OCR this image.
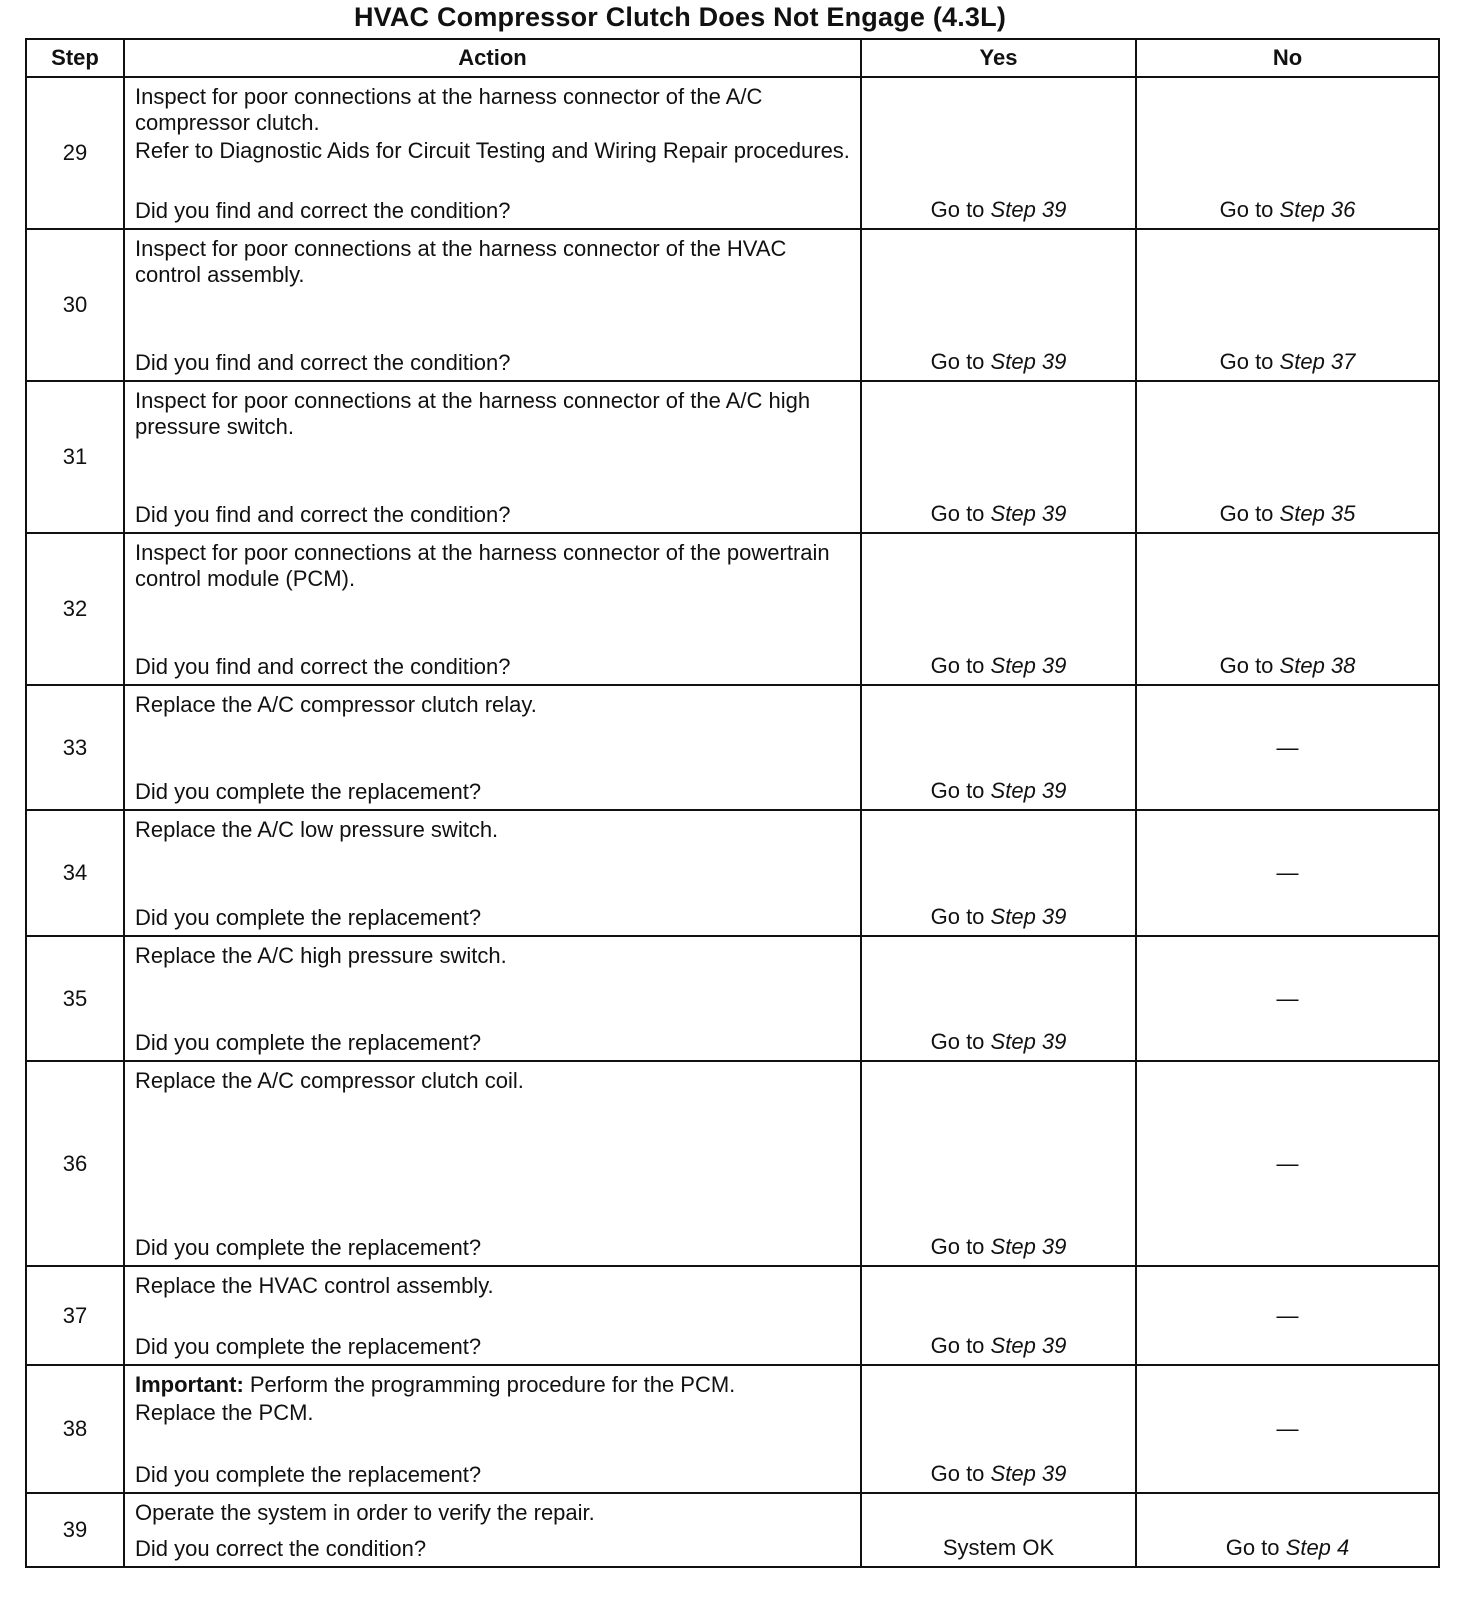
HVAC Compressor Clutch Does Not Engage (4.3L)
Step	Action	Yes	No
29	Inspect for poor connections at the harness connector of the A/C compressor clutch.

Refer to Diagnostic Aids for Circuit Testing and Wiring Repair procedures.

Did you find and correct the condition?	Go to Step 39	Go to Step 36

30	Inspect for poor connections at the harness connector of the HVAC control assembly.

Did you find and correct the condition?	Go to Step 39	Go to Step 37

31	Inspect for poor connections at the harness connector of the A/C high pressure switch.

Did you find and correct the condition?	Go to Step 39	Go to Step 35

32	Inspect for poor connections at the harness connector of the powertrain control module (PCM).

Did you find and correct the condition?	Go to Step 39	Go to Step 38

33	Replace the A/C compressor clutch relay.

Did you complete the replacement?	Go to Step 39	—

34	Replace the A/C low pressure switch.

Did you complete the replacement?	Go to Step 39	—

35	Replace the A/C high pressure switch.

Did you complete the replacement?	Go to Step 39	—

36	Replace the A/C compressor clutch coil.

Did you complete the replacement?	Go to Step 39	—

37	Replace the HVAC control assembly.

Did you complete the replacement?	Go to Step 39	—

38	Important: Perform the programming procedure for the PCM.

Replace the PCM.

Did you complete the replacement?	Go to Step 39	—

39	Operate the system in order to verify the repair.

Did you correct the condition?	System OK	Go to Step 4
